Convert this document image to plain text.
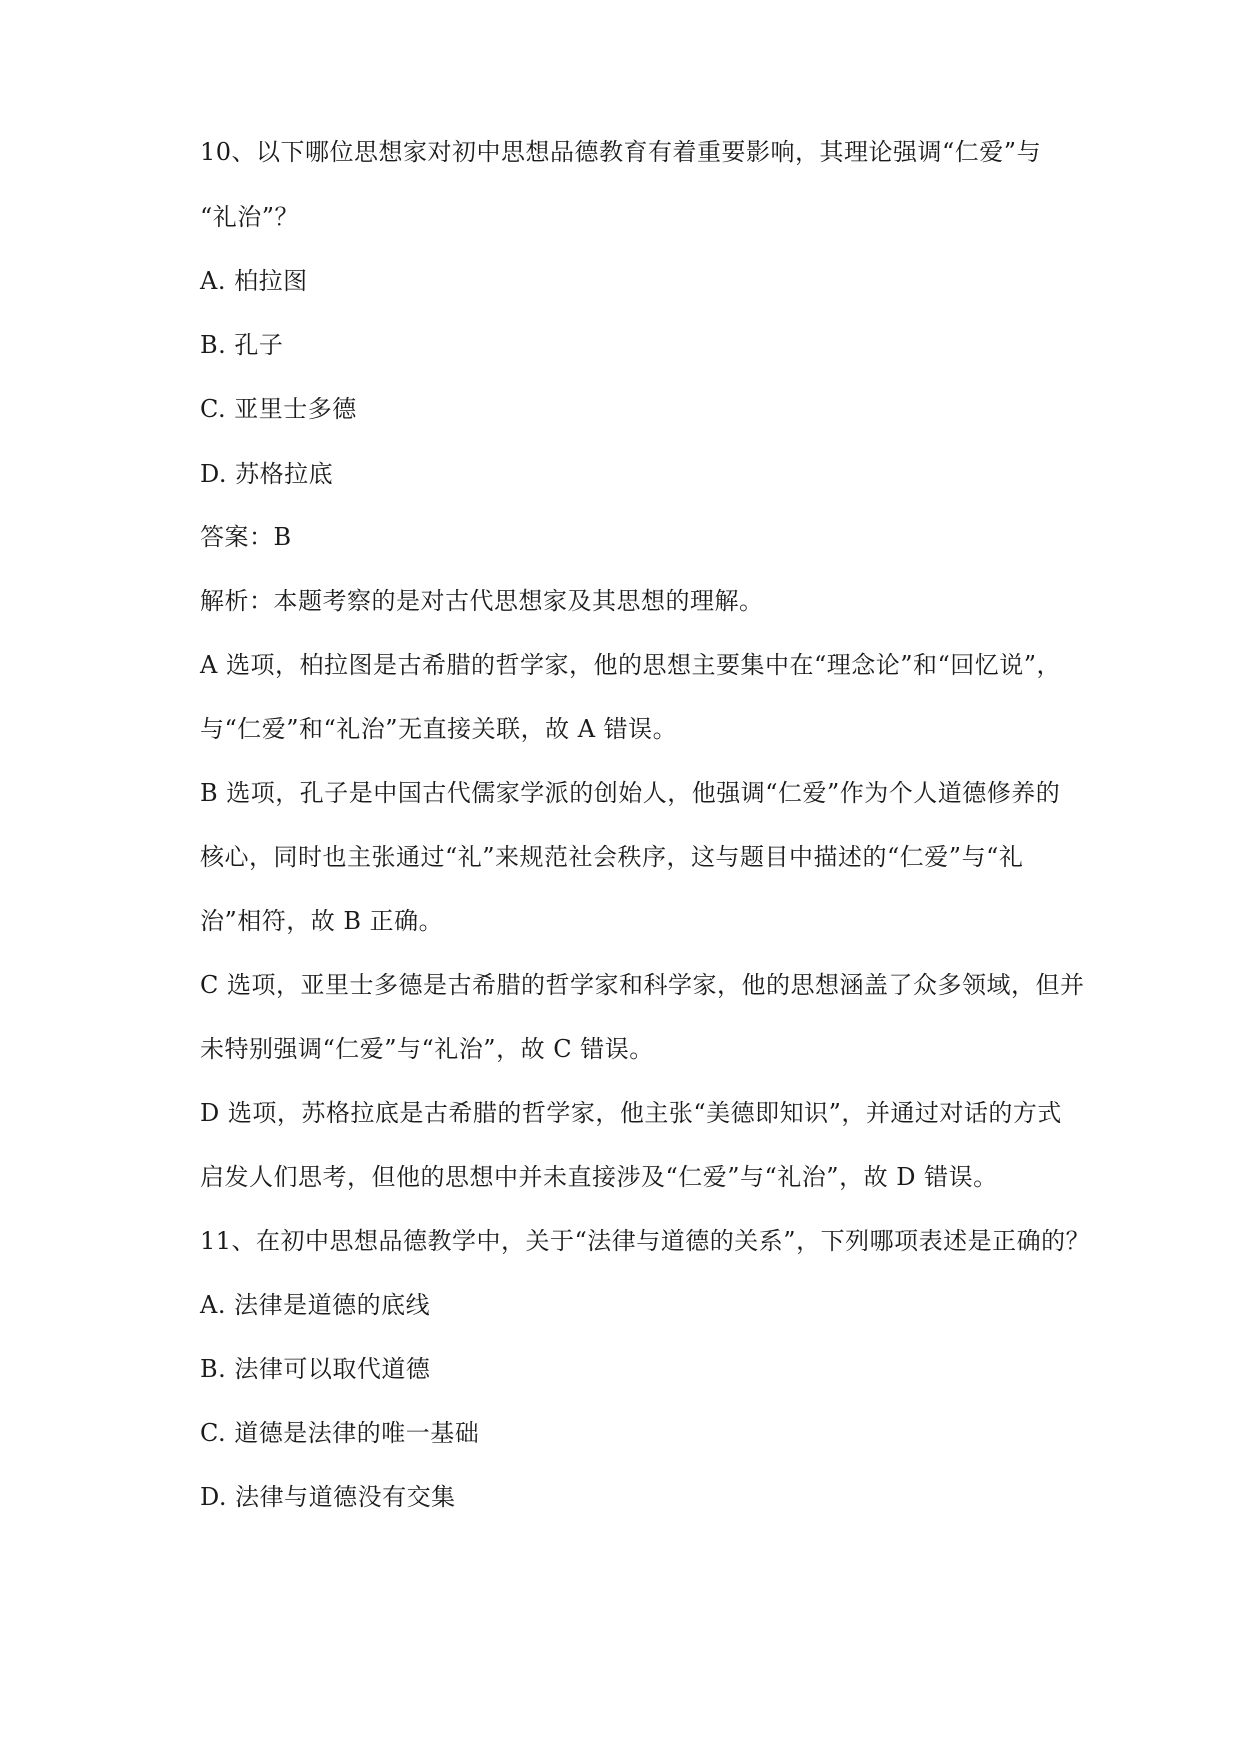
10、以下哪位思想家对初中思想品德教育有着重要影响，其理论强调“仁爱”与
“礼治”？
A. 柏拉图
B. 孔子
C. 亚里士多德
D. 苏格拉底
答案：B
解析：本题考察的是对古代思想家及其思想的理解。
A 选项，柏拉图是古希腊的哲学家，他的思想主要集中在“理念论”和“回忆说”，
与“仁爱”和“礼治”无直接关联，故 A 错误。
B 选项，孔子是中国古代儒家学派的创始人，他强调“仁爱”作为个人道德修养的
核心，同时也主张通过“礼”来规范社会秩序，这与题目中描述的“仁爱”与“礼
治”相符，故 B 正确。
C 选项，亚里士多德是古希腊的哲学家和科学家，他的思想涵盖了众多领域，但并
未特别强调“仁爱”与“礼治”，故 C 错误。
D 选项，苏格拉底是古希腊的哲学家，他主张“美德即知识”，并通过对话的方式
启发人们思考，但他的思想中并未直接涉及“仁爱”与“礼治”，故 D 错误。
11、在初中思想品德教学中，关于“法律与道德的关系”，下列哪项表述是正确的？
A. 法律是道德的底线
B. 法律可以取代道德
C. 道德是法律的唯一基础
D. 法律与道德没有交集
